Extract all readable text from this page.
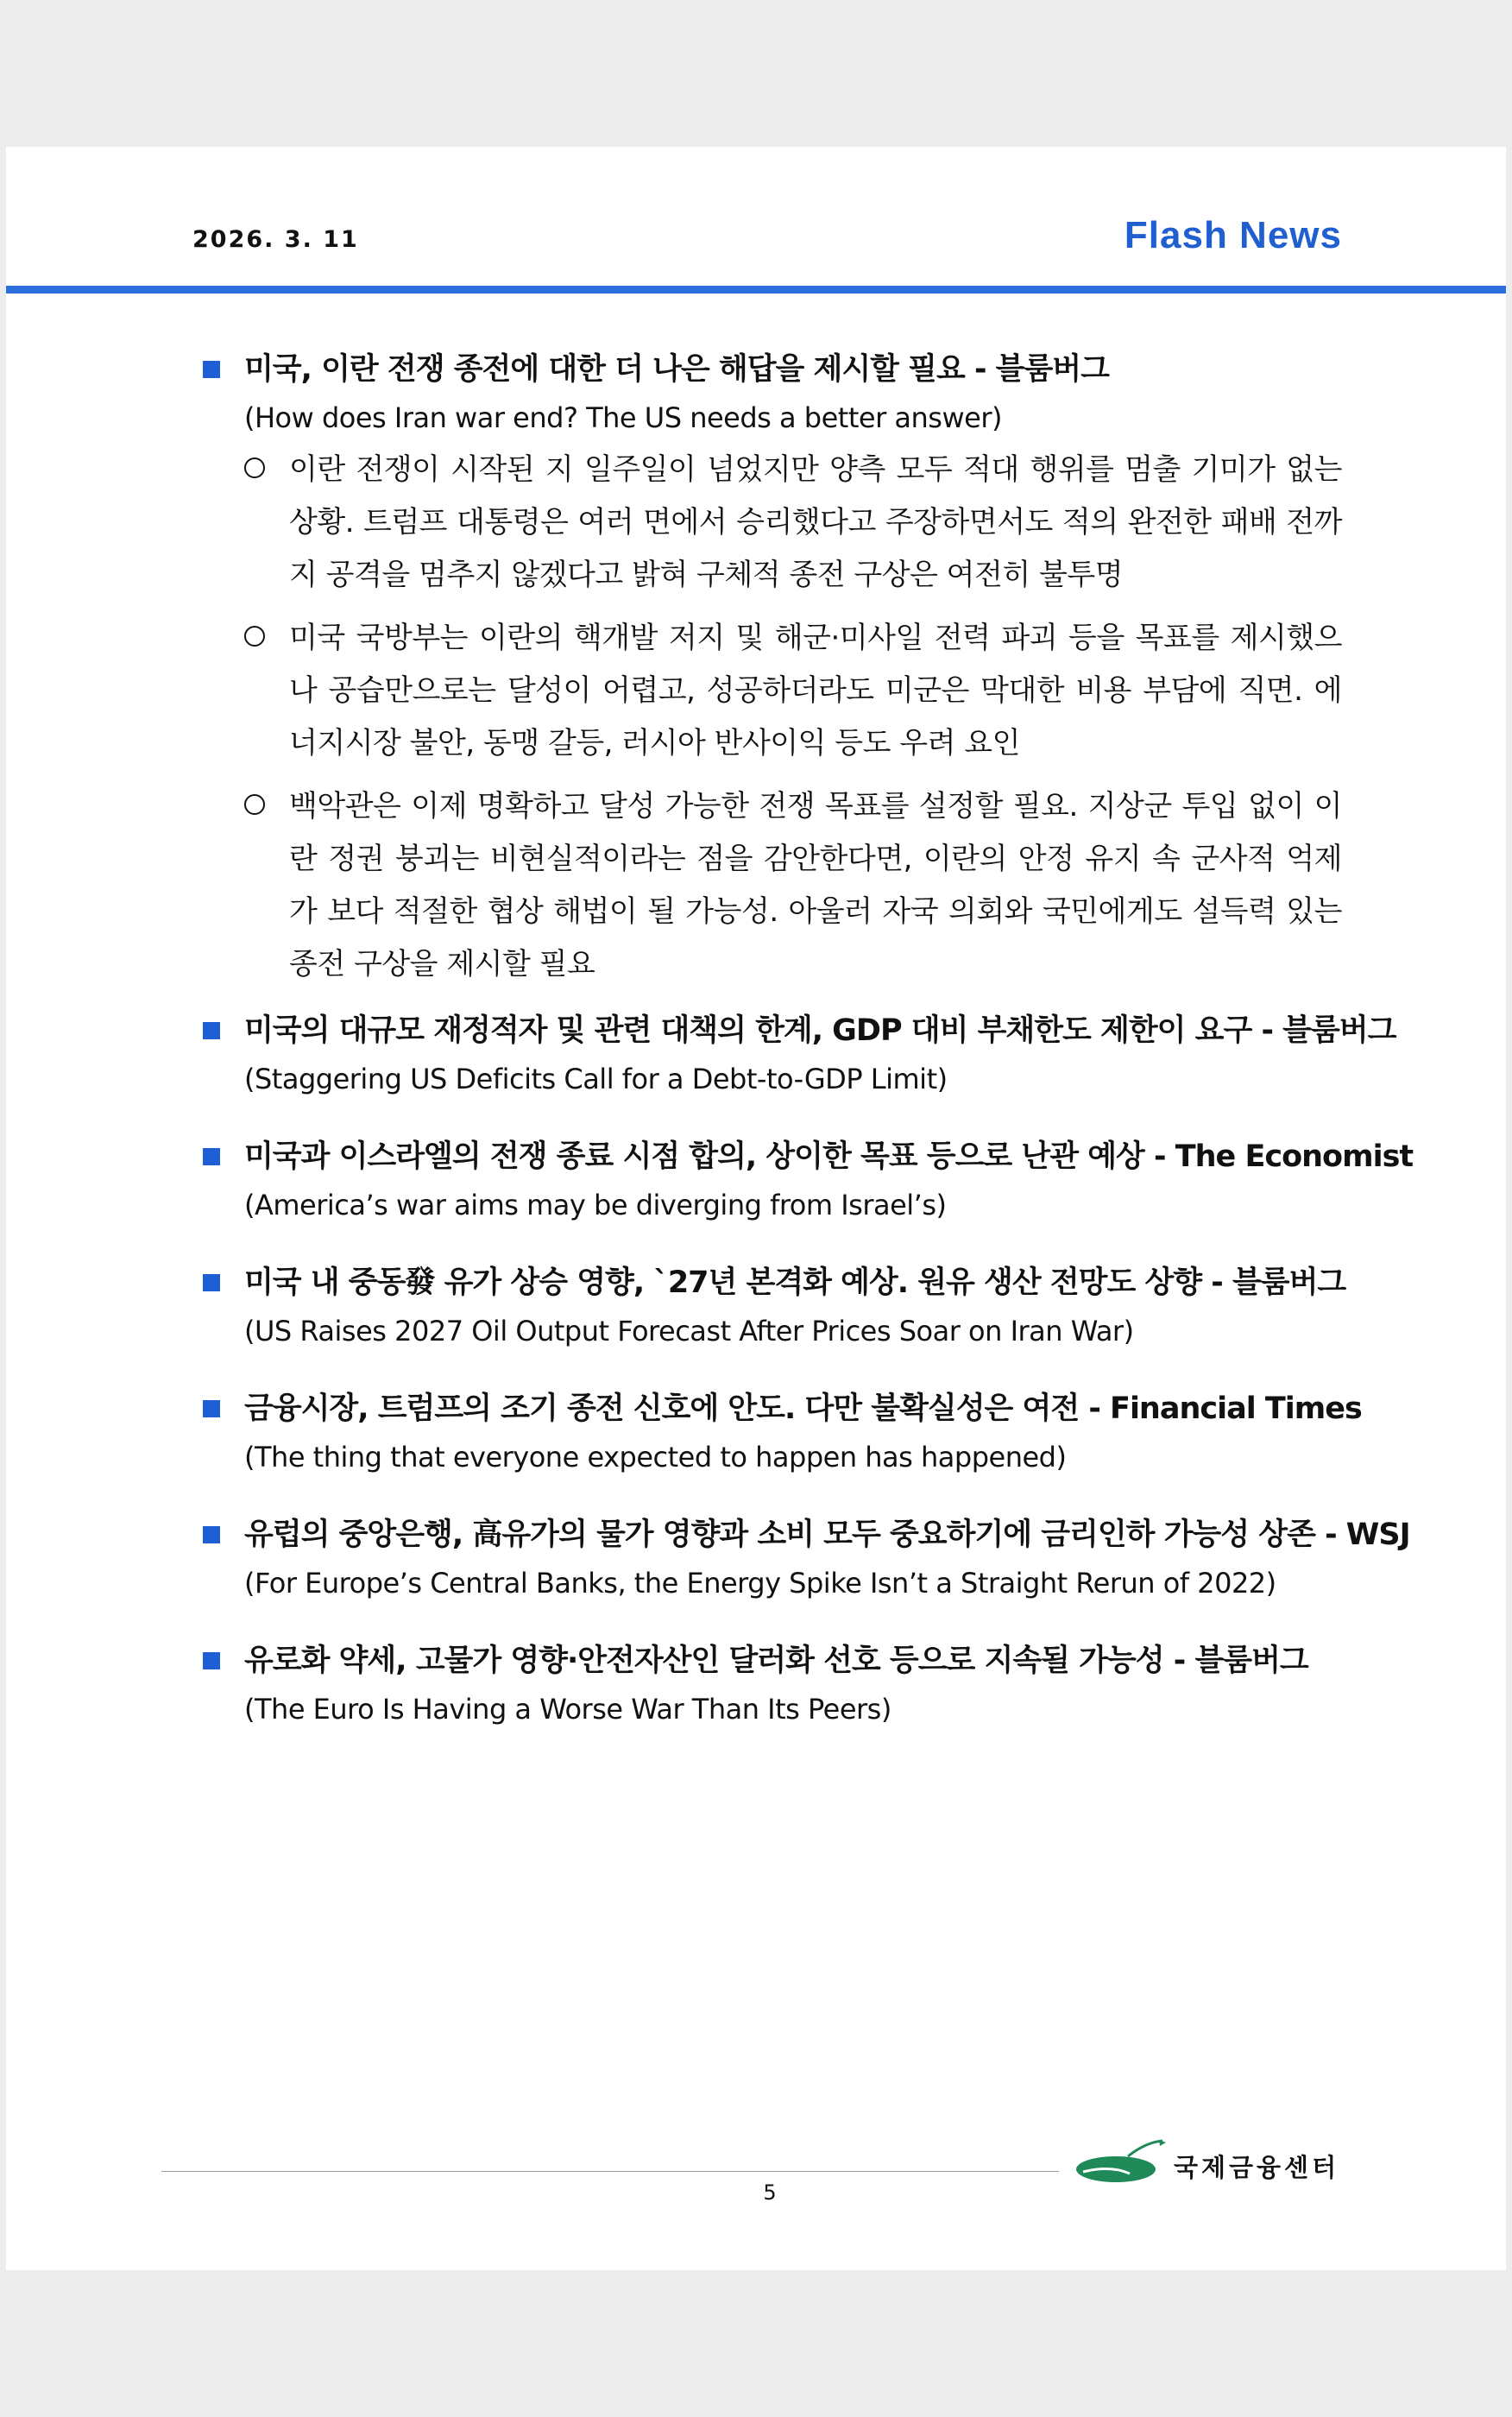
2026. 3. 11	Flash News
미국, 이란 전쟁 종전에 대한 더 나은 해답을 제시할 필요 - 블룸버그
(How does Iran war end? The US needs a better answer)
이란 전쟁이 시작된 지 일주일이 넘었지만 양측 모두 적대 행위를 멈출 기미가 없는 상황. 트럼프 대통령은 여러 면에서 승리했다고 주장하면서도 적의 완전한 패배 전까지 공격을 멈추지 않겠다고 밝혀 구체적 종전 구상은 여전히 불투명
미국 국방부는 이란의 핵개발 저지 및 해군·미사일 전력 파괴 등을 목표를 제시했으나 공습만으로는 달성이 어렵고, 성공하더라도 미군은 막대한 비용 부담에 직면. 에너지시장 불안, 동맹 갈등, 러시아 반사이익 등도 우려 요인
백악관은 이제 명확하고 달성 가능한 전쟁 목표를 설정할 필요. 지상군 투입 없이 이란 정권 붕괴는 비현실적이라는 점을 감안한다면, 이란의 안정 유지 속 군사적 억제가 보다 적절한 협상 해법이 될 가능성. 아울러 자국 의회와 국민에게도 설득력 있는 종전 구상을 제시할 필요
미국의 대규모 재정적자 및 관련 대책의 한계, GDP 대비 부채한도 제한이 요구 - 블룸버그
(Staggering US Deficits Call for a Debt-to-GDP Limit)
미국과 이스라엘의 전쟁 종료 시점 합의, 상이한 목표 등으로 난관 예상 - The Economist
(America’s war aims may be diverging from Israel’s)
미국 내 중동發 유가 상승 영향, `27년 본격화 예상. 원유 생산 전망도 상향 - 블룸버그
(US Raises 2027 Oil Output Forecast After Prices Soar on Iran War)
금융시장, 트럼프의 조기 종전 신호에 안도. 다만 불확실성은 여전 - Financial Times
(The thing that everyone expected to happen has happened)
유럽의 중앙은행, 高유가의 물가 영향과 소비 모두 중요하기에 금리인하 가능성 상존 - WSJ
(For Europe’s Central Banks, the Energy Spike Isn’t a Straight Rerun of 2022)
유로화 약세, 고물가 영향·안전자산인 달러화 선호 등으로 지속될 가능성 - 블룸버그
(The Euro Is Having a Worse War Than Its Peers)
국제금융센터
5
